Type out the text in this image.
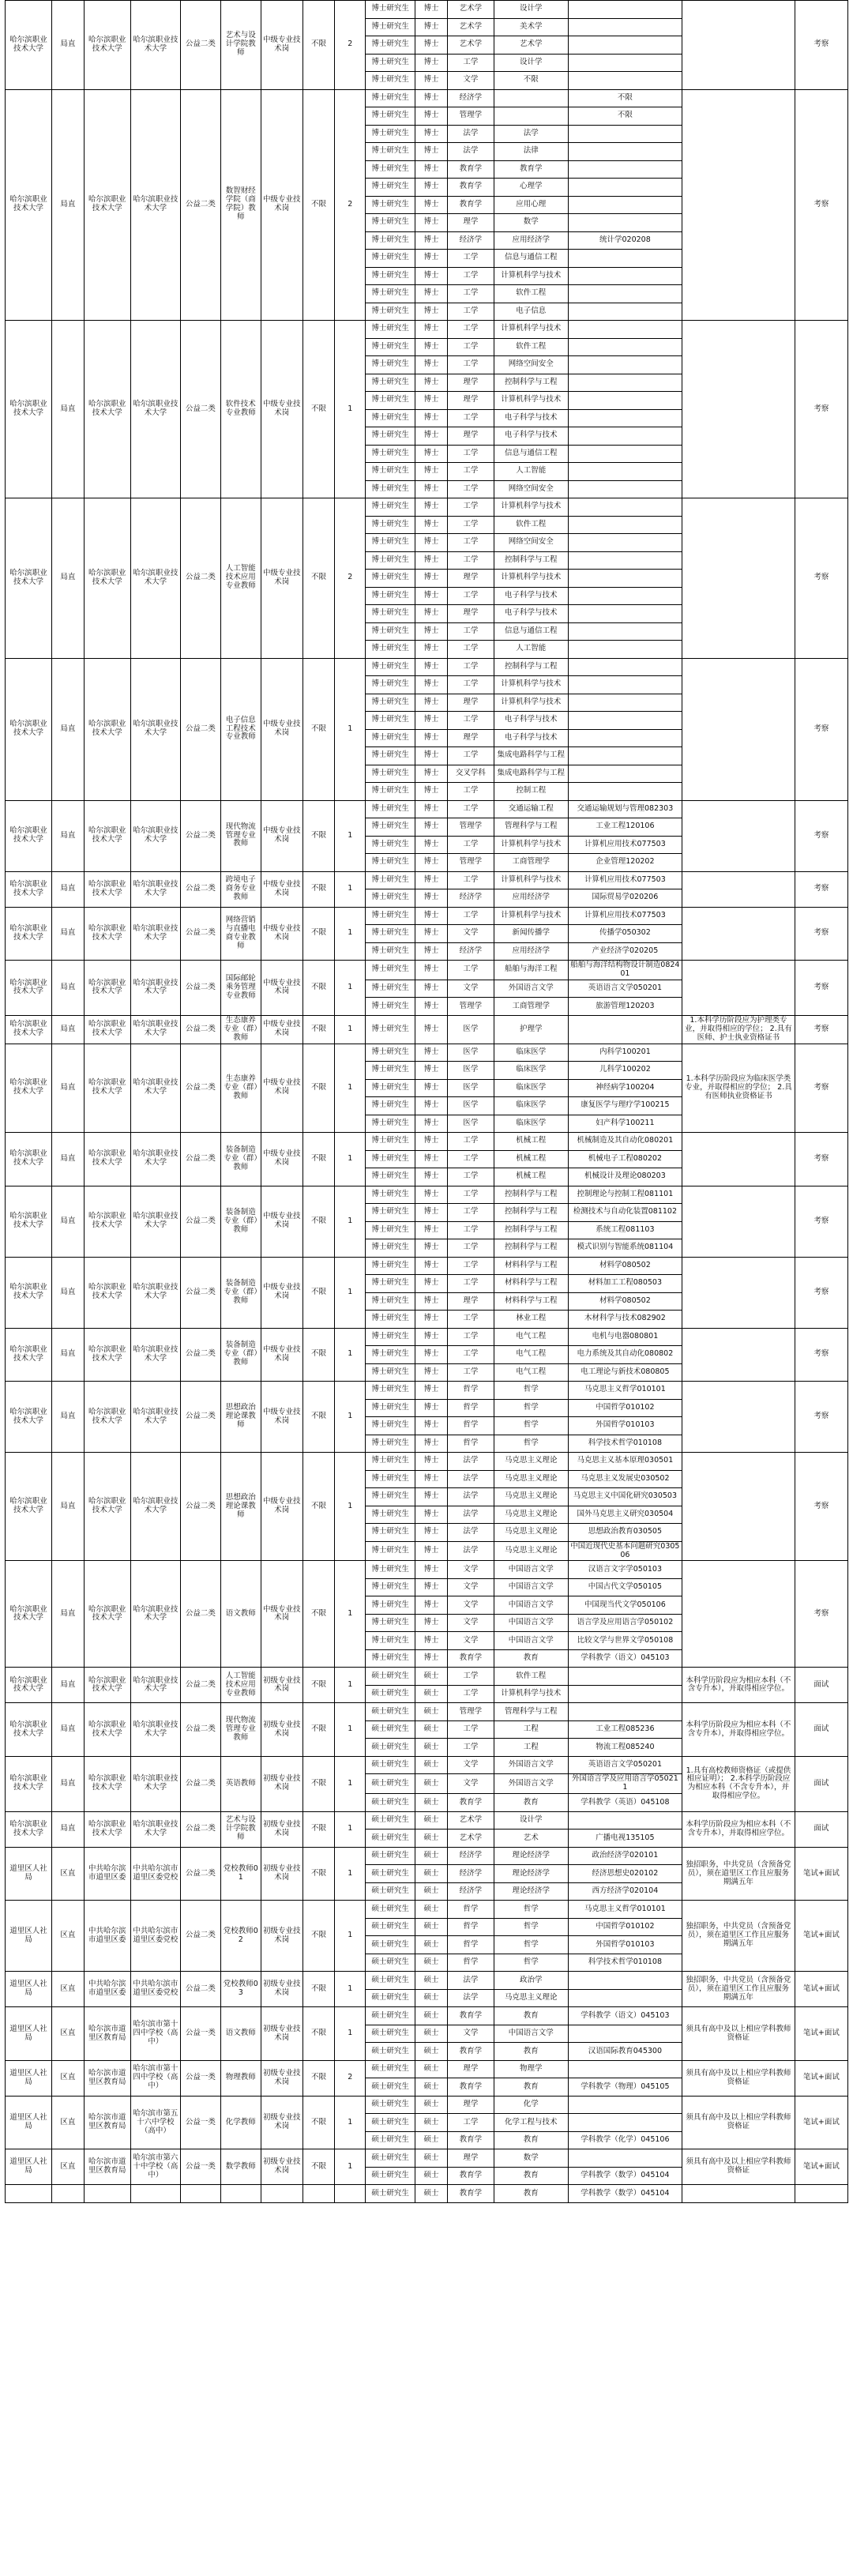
哈尔滨职业技术大学	局直	哈尔滨职业技术大学	哈尔滨职业技术大学	公益二类	艺术与设计学院教师	中级专业技术岗	不限	2	博士研究生	博士	艺术学	设计学			考察
									博士研究生	博士	艺术学	美术学			
									博士研究生	博士	艺术学	艺术学			
									博士研究生	博士	工学	设计学			
									博士研究生	博士	文学	不限			
哈尔滨职业技术大学	局直	哈尔滨职业技术大学	哈尔滨职业技术大学	公益二类	数智财经学院（商学院）教师	中级专业技术岗	不限	2	博士研究生	博士	经济学		不限		考察
									博士研究生	博士	管理学		不限		
									博士研究生	博士	法学	法学			
									博士研究生	博士	法学	法律			
									博士研究生	博士	教育学	教育学			
									博士研究生	博士	教育学	心理学			
									博士研究生	博士	教育学	应用心理			
									博士研究生	博士	理学	数学			
									博士研究生	博士	经济学	应用经济学	统计学020208		
									博士研究生	博士	工学	信息与通信工程			
									博士研究生	博士	工学	计算机科学与技术			
									博士研究生	博士	工学	软件工程			
									博士研究生	博士	工学	电子信息			
哈尔滨职业技术大学	局直	哈尔滨职业技术大学	哈尔滨职业技术大学	公益二类	软件技术专业教师	中级专业技术岗	不限	1	博士研究生	博士	工学	计算机科学与技术			考察
									博士研究生	博士	工学	软件工程			
									博士研究生	博士	工学	网络空间安全			
									博士研究生	博士	理学	控制科学与工程			
									博士研究生	博士	理学	计算机科学与技术			
									博士研究生	博士	工学	电子科学与技术			
									博士研究生	博士	理学	电子科学与技术			
									博士研究生	博士	工学	信息与通信工程			
									博士研究生	博士	工学	人工智能			
									博士研究生	博士	工学	网络空间安全			
哈尔滨职业技术大学	局直	哈尔滨职业技术大学	哈尔滨职业技术大学	公益二类	人工智能技术应用专业教师	中级专业技术岗	不限	2	博士研究生	博士	工学	计算机科学与技术			考察
									博士研究生	博士	工学	软件工程			
									博士研究生	博士	工学	网络空间安全			
									博士研究生	博士	工学	控制科学与工程			
									博士研究生	博士	理学	计算机科学与技术			
									博士研究生	博士	工学	电子科学与技术			
									博士研究生	博士	理学	电子科学与技术			
									博士研究生	博士	工学	信息与通信工程			
									博士研究生	博士	工学	人工智能			
哈尔滨职业技术大学	局直	哈尔滨职业技术大学	哈尔滨职业技术大学	公益二类	电子信息工程技术专业教师	中级专业技术岗	不限	1	博士研究生	博士	工学	控制科学与工程			考察
									博士研究生	博士	工学	计算机科学与技术			
									博士研究生	博士	理学	计算机科学与技术			
									博士研究生	博士	工学	电子科学与技术			
									博士研究生	博士	理学	电子科学与技术			
									博士研究生	博士	工学	集成电路科学与工程			
									博士研究生	博士	交叉学科	集成电路科学与工程			
									博士研究生	博士	工学	控制工程			
哈尔滨职业技术大学	局直	哈尔滨职业技术大学	哈尔滨职业技术大学	公益二类	现代物流管理专业教师	中级专业技术岗	不限	1	博士研究生	博士	工学	交通运输工程	交通运输规划与管理082303		考察
									博士研究生	博士	管理学	管理科学与工程	工业工程120106		
									博士研究生	博士	工学	计算机科学与技术	计算机应用技术077503		
									博士研究生	博士	管理学	工商管理学	企业管理120202		
哈尔滨职业技术大学	局直	哈尔滨职业技术大学	哈尔滨职业技术大学	公益二类	跨境电子商务专业教师	中级专业技术岗	不限	1	博士研究生	博士	工学	计算机科学与技术	计算机应用技术077503		考察
									博士研究生	博士	经济学	应用经济学	国际贸易学020206		
哈尔滨职业技术大学	局直	哈尔滨职业技术大学	哈尔滨职业技术大学	公益二类	网络营销与直播电商专业教师	中级专业技术岗	不限	1	博士研究生	博士	工学	计算机科学与技术	计算机应用技术077503		考察
									博士研究生	博士	文学	新闻传播学	传播学050302		
									博士研究生	博士	经济学	应用经济学	产业经济学020205		
哈尔滨职业技术大学	局直	哈尔滨职业技术大学	哈尔滨职业技术大学	公益二类	国际邮轮乘务管理专业教师	中级专业技术岗	不限	1	博士研究生	博士	工学	船舶与海洋工程	船舶与海洋结构物设计制造082401		考察
									博士研究生	博士	文学	外国语言文学	英语语言文学050201		
									博士研究生	博士	管理学	工商管理学	旅游管理120203		
哈尔滨职业技术大学	局直	哈尔滨职业技术大学	哈尔滨职业技术大学	公益二类	生态康养专业（群）教师	中级专业技术岗	不限	1	博士研究生	博士	医学	护理学		1.本科学历阶段应为护理类专业，并取得相应的学位； 2.具有医师、护士执业资格证书	考察
哈尔滨职业技术大学	局直	哈尔滨职业技术大学	哈尔滨职业技术大学	公益二类	生态康养专业（群）教师	中级专业技术岗	不限	1	博士研究生	博士	医学	临床医学	内科学100201	1.本科学历阶段应为临床医学类专业，并取得相应的学位； 2.具有医师执业资格证书	考察
									博士研究生	博士	医学	临床医学	儿科学100202		
									博士研究生	博士	医学	临床医学	神经病学100204		
									博士研究生	博士	医学	临床医学	康复医学与理疗学100215		
									博士研究生	博士	医学	临床医学	妇产科学100211		
哈尔滨职业技术大学	局直	哈尔滨职业技术大学	哈尔滨职业技术大学	公益二类	装备制造专业（群）教师	中级专业技术岗	不限	1	博士研究生	博士	工学	机械工程	机械制造及其自动化080201		考察
									博士研究生	博士	工学	机械工程	机械电子工程080202		
									博士研究生	博士	工学	机械工程	机械设计及理论080203		
哈尔滨职业技术大学	局直	哈尔滨职业技术大学	哈尔滨职业技术大学	公益二类	装备制造专业（群）教师	中级专业技术岗	不限	1	博士研究生	博士	工学	控制科学与工程	控制理论与控制工程081101		考察
									博士研究生	博士	工学	控制科学与工程	检测技术与自动化装置081102		
									博士研究生	博士	工学	控制科学与工程	系统工程081103		
									博士研究生	博士	工学	控制科学与工程	模式识别与智能系统081104		
哈尔滨职业技术大学	局直	哈尔滨职业技术大学	哈尔滨职业技术大学	公益二类	装备制造专业（群）教师	中级专业技术岗	不限	1	博士研究生	博士	工学	材料科学与工程	材料学080502		考察
									博士研究生	博士	工学	材料科学与工程	材料加工工程080503		
									博士研究生	博士	理学	材料科学与工程	材料学080502		
									博士研究生	博士	工学	林业工程	木材科学与技术082902		
哈尔滨职业技术大学	局直	哈尔滨职业技术大学	哈尔滨职业技术大学	公益二类	装备制造专业（群）教师	中级专业技术岗	不限	1	博士研究生	博士	工学	电气工程	电机与电器080801		考察
									博士研究生	博士	工学	电气工程	电力系统及其自动化080802		
									博士研究生	博士	工学	电气工程	电工理论与新技术080805		
哈尔滨职业技术大学	局直	哈尔滨职业技术大学	哈尔滨职业技术大学	公益二类	思想政治理论课教师	中级专业技术岗	不限	1	博士研究生	博士	哲学	哲学	马克思主义哲学010101		考察
									博士研究生	博士	哲学	哲学	中国哲学010102		
									博士研究生	博士	哲学	哲学	外国哲学010103		
									博士研究生	博士	哲学	哲学	科学技术哲学010108		
哈尔滨职业技术大学	局直	哈尔滨职业技术大学	哈尔滨职业技术大学	公益二类	思想政治理论课教师	中级专业技术岗	不限	1	博士研究生	博士	法学	马克思主义理论	马克思主义基本原理030501		考察
									博士研究生	博士	法学	马克思主义理论	马克思主义发展史030502		
									博士研究生	博士	法学	马克思主义理论	马克思主义中国化研究030503		
									博士研究生	博士	法学	马克思主义理论	国外马克思主义研究030504		
									博士研究生	博士	法学	马克思主义理论	思想政治教育030505		
									博士研究生	博士	法学	马克思主义理论	中国近现代史基本问题研究030506		
哈尔滨职业技术大学	局直	哈尔滨职业技术大学	哈尔滨职业技术大学	公益二类	语文教师	中级专业技术岗	不限	1	博士研究生	博士	文学	中国语言文学	汉语言文字学050103		考察
									博士研究生	博士	文学	中国语言文学	中国古代文学050105		
									博士研究生	博士	文学	中国语言文学	中国现当代文学050106		
									博士研究生	博士	文学	中国语言文学	语言学及应用语言学050102		
									博士研究生	博士	文学	中国语言文学	比较文学与世界文学050108		
									博士研究生	博士	教育学	教育	学科教学（语文）045103		
哈尔滨职业技术大学	局直	哈尔滨职业技术大学	哈尔滨职业技术大学	公益二类	人工智能技术应用专业教师	初级专业技术岗	不限	1	硕士研究生	硕士	工学	软件工程		本科学历阶段应为相应本科（不含专升本），并取得相应学位。	面试
									硕士研究生	硕士	工学	计算机科学与技术			
哈尔滨职业技术大学	局直	哈尔滨职业技术大学	哈尔滨职业技术大学	公益二类	现代物流管理专业教师	初级专业技术岗	不限	1	硕士研究生	硕士	管理学	管理科学与工程		本科学历阶段应为相应本科（不含专升本），并取得相应学位。	面试
									硕士研究生	硕士	工学	工程	工业工程085236		
									硕士研究生	硕士	工学	工程	物流工程085240		
哈尔滨职业技术大学	局直	哈尔滨职业技术大学	哈尔滨职业技术大学	公益二类	英语教师	初级专业技术岗	不限	1	硕士研究生	硕士	文学	外国语言文学	英语语言文学050201	1.具有高校教师资格证（或提供相应证明）； 2.本科学历阶段应为相应本科（不含专升本），并取得相应学位。	面试
									硕士研究生	硕士	文学	外国语言文学	外国语言学及应用语言学050211		
									硕士研究生	硕士	教育学	教育	学科教学（英语）045108		
哈尔滨职业技术大学	局直	哈尔滨职业技术大学	哈尔滨职业技术大学	公益二类	艺术与设计学院教师	初级专业技术岗	不限	1	硕士研究生	硕士	艺术学	设计学		本科学历阶段应为相应本科（不含专升本），并取得相应学位。	面试
									硕士研究生	硕士	艺术学	艺术	广播电视135105		
道里区人社局	区直	中共哈尔滨市道里区委	中共哈尔滨市道里区委党校	公益二类	党校教师01	初级专业技术岗	不限	1	硕士研究生	硕士	经济学	理论经济学	政治经济学020101	独招职务，中共党员（含预备党员），须在道里区工作且应服务期满五年	笔试+面试
									硕士研究生	硕士	经济学	理论经济学	经济思想史020102		
									硕士研究生	硕士	经济学	理论经济学	西方经济学020104		
道里区人社局	区直	中共哈尔滨市道里区委	中共哈尔滨市道里区委党校	公益二类	党校教师02	初级专业技术岗	不限	1	硕士研究生	硕士	哲学	哲学	马克思主义哲学010101	独招职务，中共党员（含预备党员），须在道里区工作且应服务期满五年	笔试+面试
									硕士研究生	硕士	哲学	哲学	中国哲学010102		
									硕士研究生	硕士	哲学	哲学	外国哲学010103		
									硕士研究生	硕士	哲学	哲学	科学技术哲学010108		
道里区人社局	区直	中共哈尔滨市道里区委	中共哈尔滨市道里区委党校	公益二类	党校教师03	初级专业技术岗	不限	1	硕士研究生	硕士	法学	政治学		独招职务，中共党员（含预备党员），须在道里区工作且应服务期满五年	笔试+面试
									硕士研究生	硕士	法学	马克思主义理论			
道里区人社局	区直	哈尔滨市道里区教育局	哈尔滨市第十四中学校（高中）	公益一类	语文教师	初级专业技术岗	不限	1	硕士研究生	硕士	教育学	教育	学科教学（语文）045103	须具有高中及以上相应学科教师资格证	笔试+面试
									硕士研究生	硕士	文学	中国语言文学			
									硕士研究生	硕士	教育学	教育	汉语国际教育045300		
道里区人社局	区直	哈尔滨市道里区教育局	哈尔滨市第十四中学校（高中）	公益一类	物理教师	初级专业技术岗	不限	2	硕士研究生	硕士	理学	物理学		须具有高中及以上相应学科教师资格证	笔试+面试
									硕士研究生	硕士	教育学	教育	学科教学（物理）045105		
道里区人社局	区直	哈尔滨市道里区教育局	哈尔滨市第五十六中学校（高中）	公益一类	化学教师	初级专业技术岗	不限	1	硕士研究生	硕士	理学	化学		须具有高中及以上相应学科教师资格证	笔试+面试
									硕士研究生	硕士	工学	化学工程与技术			
									硕士研究生	硕士	教育学	教育	学科教学（化学）045106		
道里区人社局	区直	哈尔滨市道里区教育局	哈尔滨市第六十中学校（高中）	公益一类	数学教师	初级专业技术岗	不限	1	硕士研究生	硕士	理学	数学		须具有高中及以上相应学科教师资格证	笔试+面试
									硕士研究生	硕士	教育学	教育	学科教学（数学）045104		
									硕士研究生	硕士	教育学	教育	学科教学（数学）045104		
